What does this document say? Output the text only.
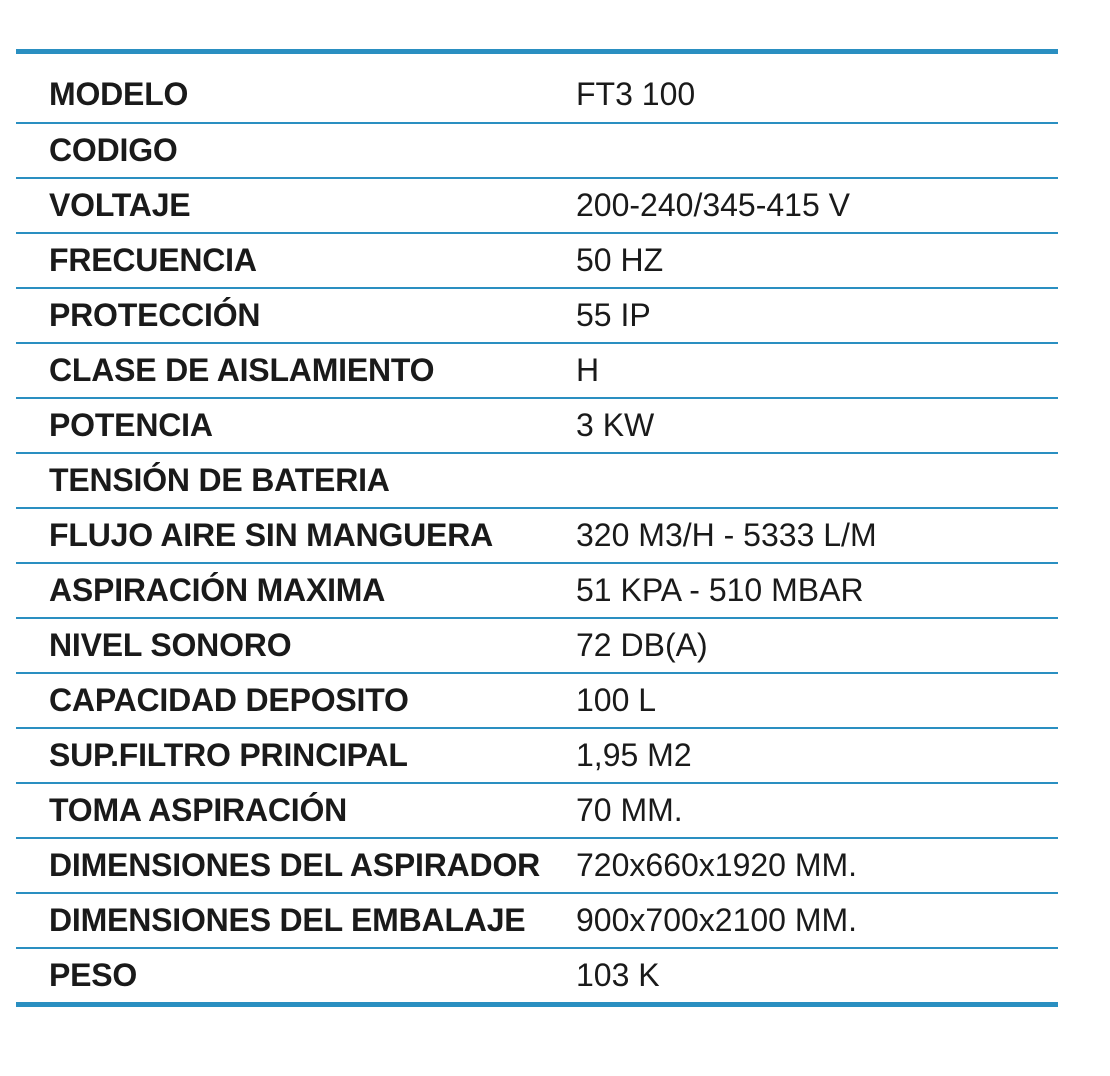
MODELO	FT3 100
CODIGO
VOLTAJE	200-240/345-415 V
FRECUENCIA	50 HZ
PROTECCIÓN	55 IP
CLASE DE AISLAMIENTO	H
POTENCIA	3 KW
TENSIÓN DE BATERIA
FLUJO AIRE SIN MANGUERA	320 M3/H - 5333 L/M
ASPIRACIÓN MAXIMA	51 KPA - 510 MBAR
NIVEL SONORO	72 DB(A)
CAPACIDAD DEPOSITO	100 L
SUP.FILTRO PRINCIPAL	1,95 M2
TOMA ASPIRACIÓN	70 MM.
DIMENSIONES DEL ASPIRADOR	720x660x1920 MM.
DIMENSIONES DEL EMBALAJE	900x700x2100 MM.
PESO	103 K
